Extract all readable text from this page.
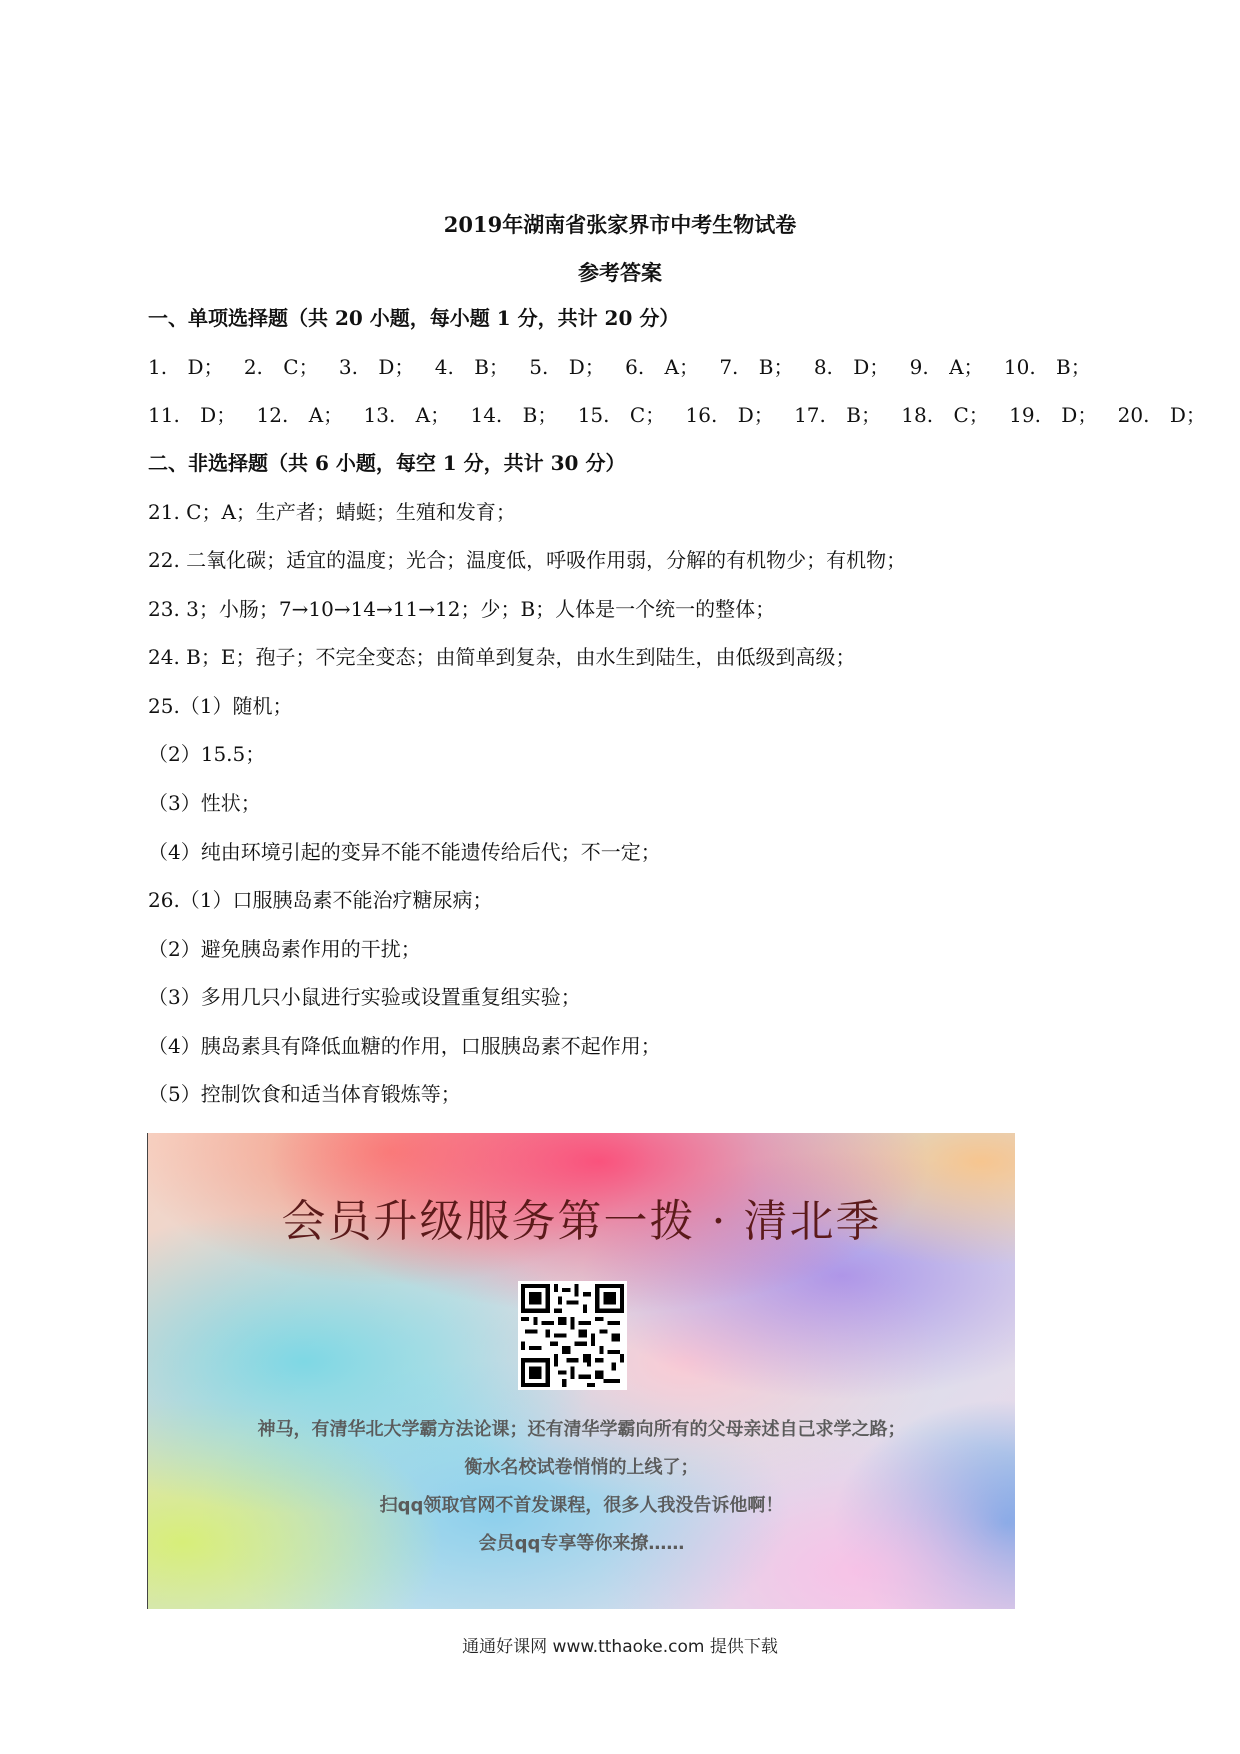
2019年湖南省张家界市中考生物试卷
参考答案
一、单项选择题（共 20 小题，每小题 1 分，共计 20 分）
1. D； 2. C； 3. D； 4. B； 5. D； 6. A； 7. B； 8. D； 9. A； 10. B；
11. D； 12. A； 13. A； 14. B； 15. C； 16. D； 17. B； 18. C； 19. D； 20. D；
二、非选择题（共 6 小题，每空 1 分，共计 30 分）
21. C；A；生产者；蜻蜓；生殖和发育；
22. 二氧化碳；适宜的温度；光合；温度低，呼吸作用弱，分解的有机物少；有机物；
23. 3；小肠；7→10→14→11→12；少；B；人体是一个统一的整体；
24. B；E；孢子；不完全变态；由简单到复杂，由水生到陆生，由低级到高级；
25.（1）随机；
（2）15.5；
（3）性状；
（4）纯由环境引起的变异不能不能遗传给后代；不一定；
26.（1）口服胰岛素不能治疗糖尿病；
（2）避免胰岛素作用的干扰；
（3）多用几只小鼠进行实验或设置重复组实验；
（4）胰岛素具有降低血糖的作用，口服胰岛素不起作用；
（5）控制饮食和适当体育锻炼等；
会员升级服务第一拨 · 清北季
神马，有清华北大学霸方法论课；还有清华学霸向所有的父母亲述自己求学之路；
衡水名校试卷悄悄的上线了；
扫qq领取官网不首发课程，很多人我没告诉他啊！
会员qq专享等你来撩……
通通好课网 www.tthaoke.com 提供下载
